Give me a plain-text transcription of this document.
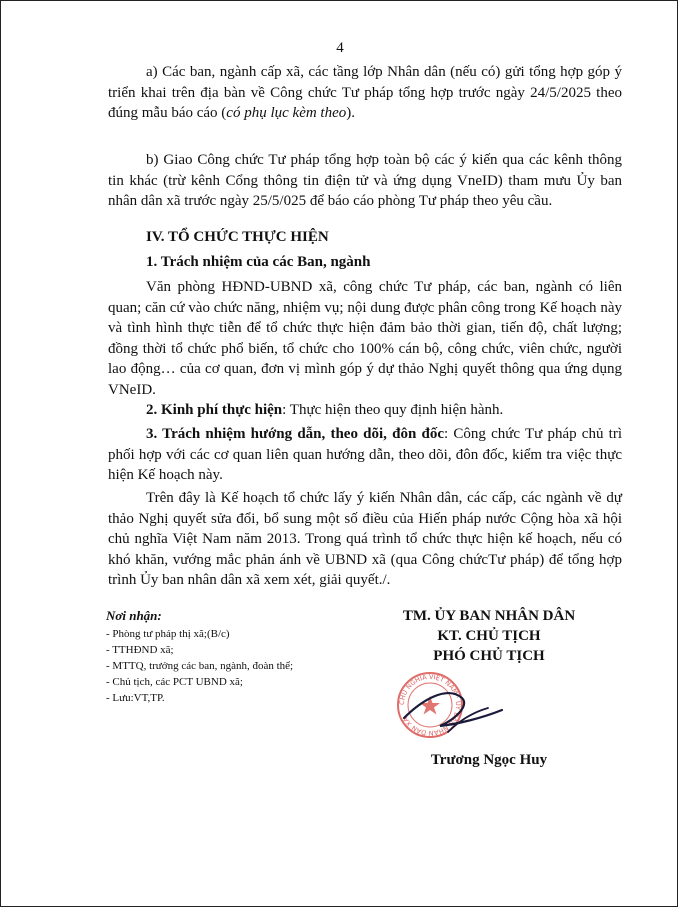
4

a) Các ban, ngành cấp xã, các tầng lớp Nhân dân (nếu có) gửi tổng hợp góp ý triển khai trên địa bàn về Công chức Tư pháp tổng hợp trước ngày 24/5/2025 theo đúng mẫu báo cáo (có phụ lục kèm theo).

b) Giao Công chức Tư pháp tổng hợp toàn bộ các ý kiến qua các kênh thông tin khác (trừ kênh Cổng thông tin điện tử và ứng dụng VneID) tham mưu Ủy ban nhân dân xã trước ngày 25/5/025 để báo cáo phòng Tư pháp theo yêu cầu.

IV. TỔ CHỨC THỰC HIỆN

1. Trách nhiệm của các Ban, ngành

Văn phòng HĐND-UBND xã, công chức Tư pháp, các ban, ngành có liên quan; căn cứ vào chức năng, nhiệm vụ; nội dung được phân công trong Kế hoạch này và tình hình thực tiễn để tổ chức thực hiện đảm bảo thời gian, tiến độ, chất lượng; đồng thời tổ chức phổ biến, tổ chức cho 100% cán bộ, công chức, viên chức, người lao động… của cơ quan, đơn vị mình góp ý dự thảo Nghị quyết thông qua ứng dụng VNeID.

2. Kinh phí thực hiện: Thực hiện theo quy định hiện hành.

3. Trách nhiệm hướng dẫn, theo dõi, đôn đốc: Công chức Tư pháp chủ trì phối hợp với các cơ quan liên quan hướng dẫn, theo dõi, đôn đốc, kiểm tra việc thực hiện Kế hoạch này.

Trên đây là Kế hoạch tổ chức lấy ý kiến Nhân dân, các cấp, các ngành về dự thảo Nghị quyết sửa đổi, bổ sung một số điều của Hiến pháp nước Cộng hòa xã hội chủ nghĩa Việt Nam năm 2013. Trong quá trình tổ chức thực hiện kế hoạch, nếu có khó khăn, vướng mắc phản ánh về UBND xã (qua Công chứcTư pháp) để tổng hợp trình Ủy ban nhân dân xã xem xét, giải quyết./.

Nơi nhận:
- Phòng tư pháp thị xã;(B/c)
- TTHĐND xã;
- MTTQ, trưởng các ban, ngành, đoàn thể;
- Chủ tịch, các PCT UBND xã;
- Lưu:VT,TP.
TM. ỦY BAN NHÂN DÂN
KT. CHỦ TỊCH
PHÓ CHỦ TỊCH
CHỦ NGHĨA VIỆT NAM · ỦY BAN NHÂN DÂN XÃ
Trương Ngọc Huy
